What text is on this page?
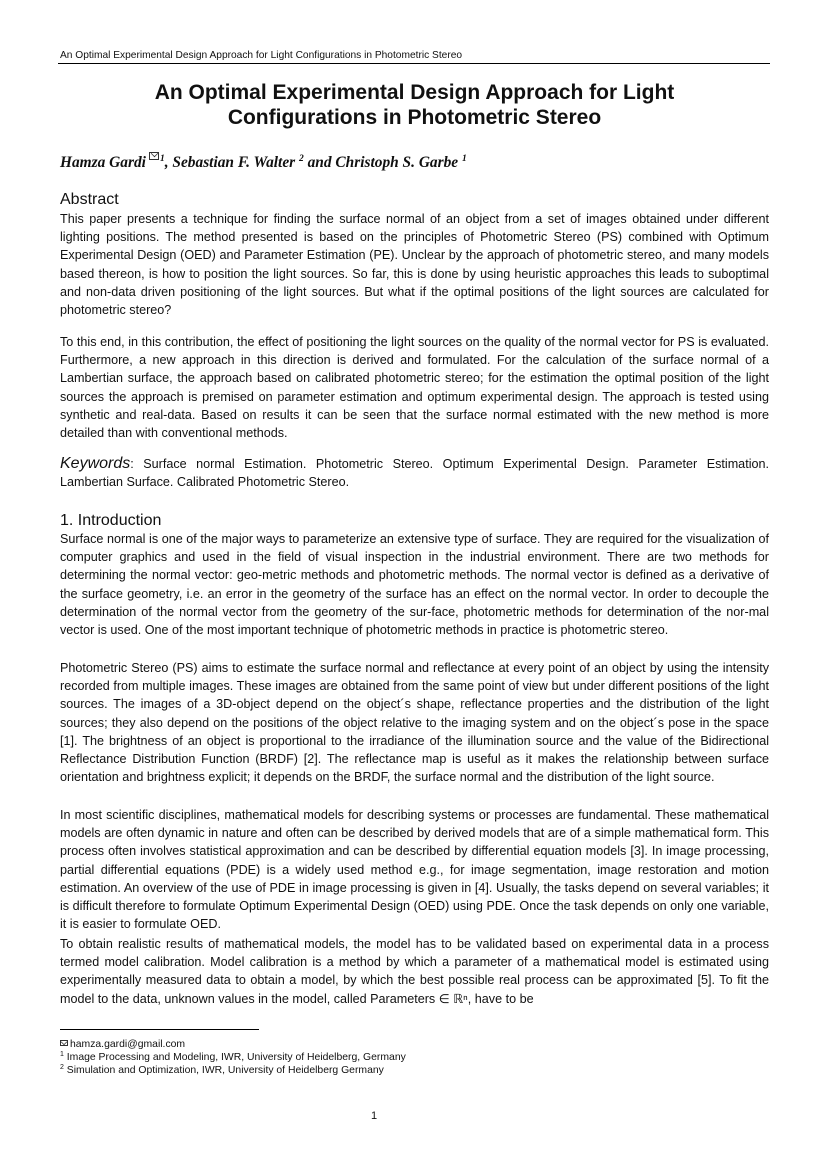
An Optimal Experimental Design Approach for Light Configurations in Photometric Stereo
An Optimal Experimental Design Approach for Light
Configurations in Photometric Stereo
Hamza Gardi $^1$, Sebastian F. Walter $^2$ and Christoph S. Garbe $^1$
Abstract

This paper presents a technique for finding the surface normal of an object from a set of images obtained under different lighting positions. The method presented is based on the principles of Photometric Stereo (PS) combined with Optimum Experimental Design (OED) and Parameter Estimation (PE). Unclear by the approach of photometric stereo, and many models based thereon, is how to position the light sources. So far, this is done by using heuristic approaches this leads to suboptimal and non-data driven positioning of the light sources. But what if the optimal positions of the light sources are calculated for photometric stereo?

To this end, in this contribution, the effect of positioning the light sources on the quality of the normal vector for PS is evaluated. Furthermore, a new approach in this direction is derived and formulated. For the calculation of the surface normal of a Lambertian surface, the approach based on calibrated photometric stereo; for the estimation the optimal position of the light sources the approach is premised on parameter estimation and optimum experimental design. The approach is tested using synthetic and real-data. Based on results it can be seen that the surface normal estimated with the new method is more detailed than with conventional methods.

Keywords: Surface normal Estimation. Photometric Stereo. Optimum Experimental Design. Parameter Estimation. Lambertian Surface. Calibrated Photometric Stereo.

1. Introduction

Surface normal is one of the major ways to parameterize an extensive type of surface. They are required for the visualization of computer graphics and used in the field of visual inspection in the industrial environment. There are two methods for determining the normal vector: geo-metric methods and photometric methods. The normal vector is defined as a derivative of the surface geometry, i.e. an error in the geometry of the surface has an effect on the normal vector. In order to decouple the determination of the normal vector from the geometry of the sur-face, photometric methods for determination of the nor-mal vector is used. One of the most important technique of photometric methods in practice is photometric stereo.

Photometric Stereo (PS) aims to estimate the surface normal and reflectance at every point of an object by using the intensity recorded from multiple images. These images are obtained from the same point of view but under different positions of the light sources. The images of a 3D-object depend on the object´s shape, reflectance properties and the distribution of the light sources; they also depend on the positions of the object relative to the imaging system and on the object´s pose in the space [1]. The brightness of an object is proportional to the irradiance of the illumination source and the value of the Bidirectional Reflectance Distribution Function (BRDF) [2]. The reflectance map is useful as it makes the relationship between surface orientation and brightness explicit; it depends on the BRDF, the surface normal and the distribution of the light source.

In most scientific disciplines, mathematical models for describing systems or processes are fundamental. These mathematical models are often dynamic in nature and often can be described by derived models that are of a simple mathematical form. This process often involves statistical approximation and can be described by differential equation models [3]. In image processing, partial differential equations (PDE) is a widely used method e.g., for image segmentation, image restoration and motion estimation. An overview of the use of PDE in image processing is given in [4]. Usually, the tasks depend on several variables; it is difficult therefore to formulate Optimum Experimental Design (OED) using PDE. Once the task depends on only one variable, it is easier to formulate OED.

To obtain realistic results of mathematical models, the model has to be validated based on experimental data in a process termed model calibration. Model calibration is a method by which a parameter of a mathematical model is estimated using experimentally measured data to obtain a model, by which the best possible real process can be approximated [5]. To fit the model to the data, unknown values in the model, called Parameters ∈ ℝⁿ, have to be

hamza.gardi@gmail.com
$^1$ Image Processing and Modeling, IWR, University of Heidelberg, Germany
$^2$ Simulation and Optimization, IWR, University of Heidelberg Germany
1
